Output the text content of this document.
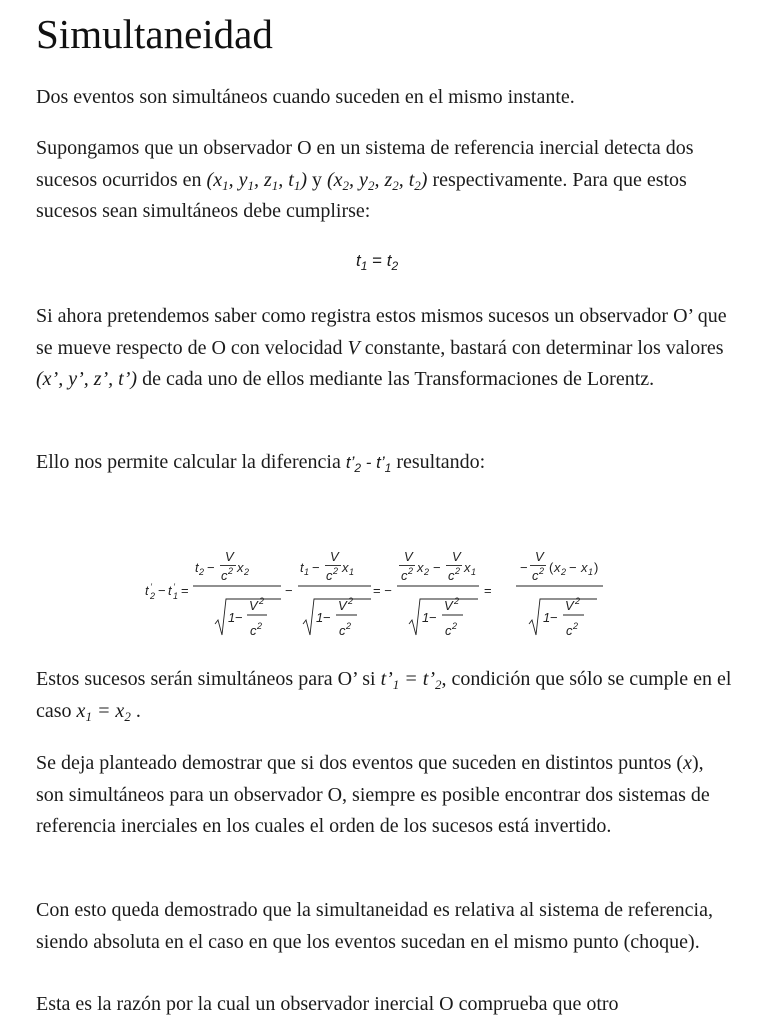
Simultaneidad

Dos eventos son simultáneos cuando suceden en el mismo instante.

Supongamos que un observador O en un sistema de referencia inercial detecta dos sucesos ocurridos en ($x_1$, $y_1$, $z_1$, $t_1$) y ($x_2$, $y_2$, $z_2$, $t_2$) respectivamente. Para que estos sucesos sean simultáneos debe cumplirse:

$t_1 = t_2$

Si ahora pretendemos saber como registra estos mismos sucesos un observador O’ que se mueve respecto de O con velocidad V constante, bastará con determinar los valores (x’, y’, z’, t’) de cada uno de ellos mediante las Transformaciones de Lorentz.

Ello nos permite calcular la diferencia $t’_2$ - $t’_1$ resultando:

Estos sucesos serán simultáneos para O’ si $t’_1$ = $t’_2$, condición que sólo se cumple en el caso $x_1 = x_2$ .

Se deja planteado demostrar que si dos eventos que suceden en distintos puntos (x), son simultáneos para un observador O, siempre es posible encontrar dos sistemas de referencia inerciales en los cuales el orden de los sucesos está invertido.

Con esto queda demostrado que la simultaneidad es relativa al sistema de referencia, siendo absoluta en el caso en que los eventos sucedan en el mismo punto (choque).

Esta es la razón por la cual un observador inercial O comprueba que otro

t ’
2 − t ’
1 =
t 2 −
V
c 2 x 2
1 −
V 2
c 2
−
t 1 −
V
c 2 x 1
1 −
V 2
c 2
= −
V
c 2 x 2 −
V
c 2 x 1
1 −
V 2
c 2
=
−
V
c 2 ( x 2 − x 1 )
1 −
V 2
c 2
